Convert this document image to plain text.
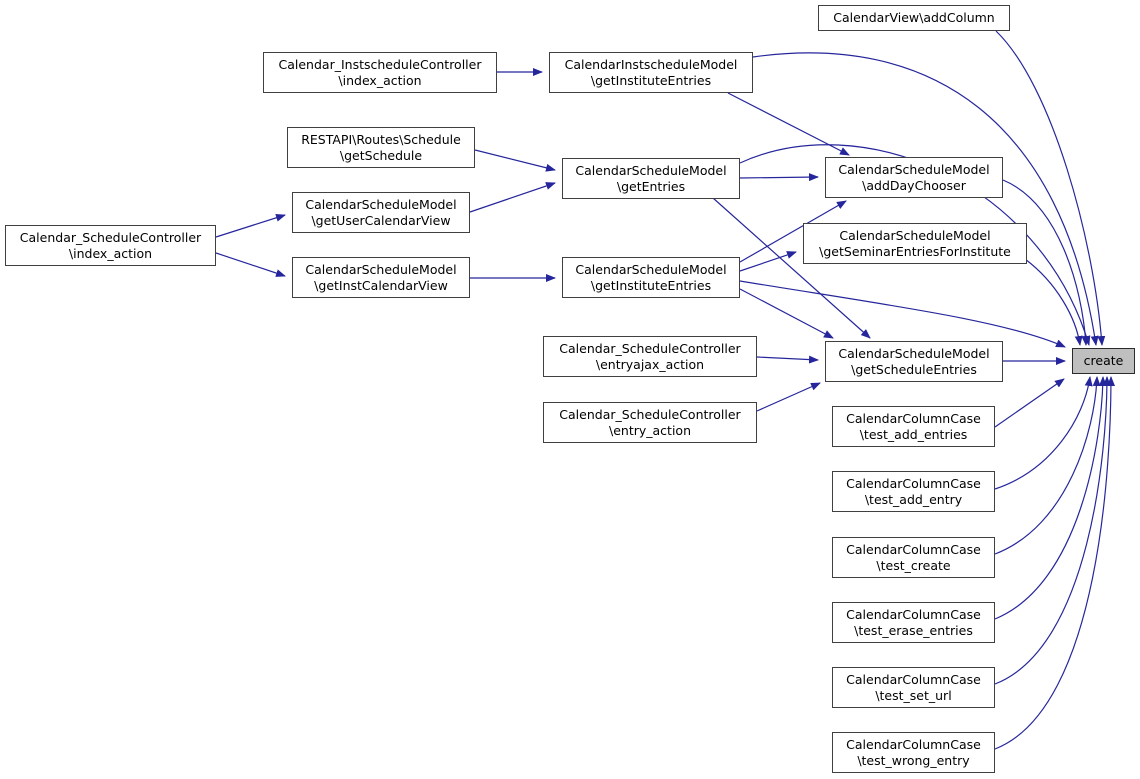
CalendarView\addColumn
Calendar_InstscheduleController
\index_action
CalendarInstscheduleModel
\getInstituteEntries
RESTAPI\Routes\Schedule
\getSchedule
CalendarScheduleModel
\getUserCalendarView
Calendar_ScheduleController
\index_action
CalendarScheduleModel
\getInstCalendarView
CalendarScheduleModel
\getEntries
CalendarScheduleModel
\addDayChooser
CalendarScheduleModel
\getSeminarEntriesForInstitute
CalendarScheduleModel
\getInstituteEntries
Calendar_ScheduleController
\entryajax_action
CalendarScheduleModel
\getScheduleEntries
Calendar_ScheduleController
\entry_action
CalendarColumnCase
\test_add_entries
CalendarColumnCase
\test_add_entry
CalendarColumnCase
\test_create
CalendarColumnCase
\test_erase_entries
CalendarColumnCase
\test_set_url
CalendarColumnCase
\test_wrong_entry
create
